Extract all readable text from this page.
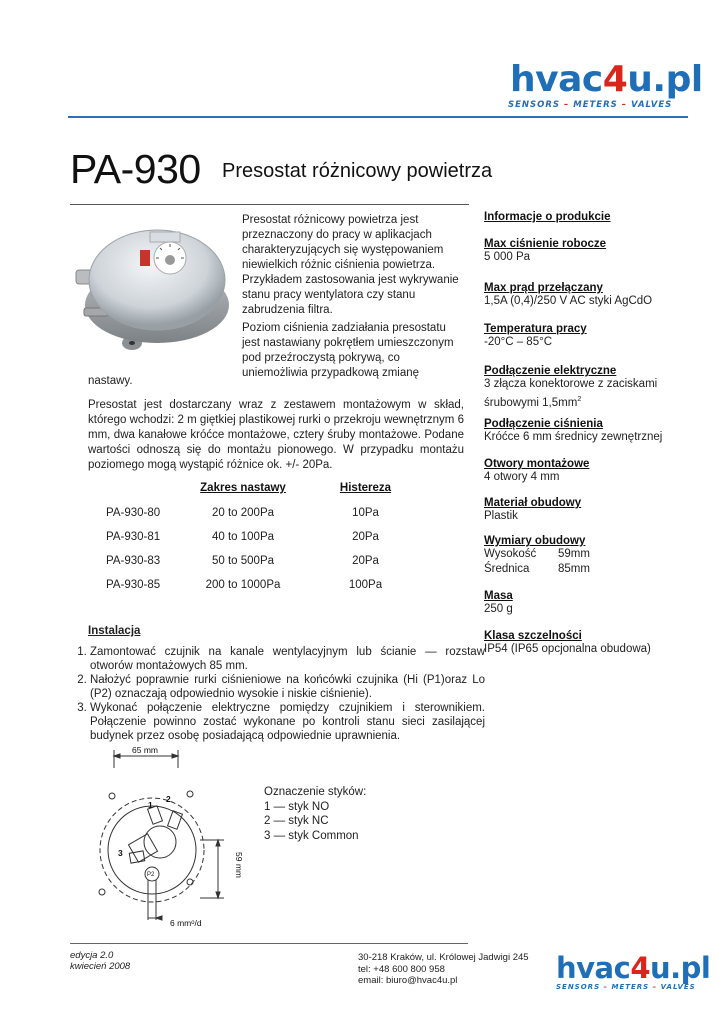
hvac4u.pl
SENSORS – METERS – VALVES
PA-930 Presostat różnicowy powietrza
Presostat różnicowy powietrza jest przeznaczony do pracy w aplikacjach charakteryzujących się występowaniem niewielkich różnic ciśnienia powietrza. Przykładem zastosowania jest wykrywanie stanu pracy wentylatora czy stanu zabrudzenia filtra.
Poziom ciśnienia zadziałania presostatu jest nastawiany pokrętłem umieszczonym pod przeźroczystą pokrywą, co uniemożliwia przypadkową zmianę
nastawy.
Presostat jest dostarczany wraz z zestawem montażowym w skład, którego wchodzi: 2 m giętkiej plastikowej rurki o przekroju wewnętrznym 6 mm, dwa kanałowe króćce montażowe, cztery śruby montażowe. Podane wartości odnoszą się do montażu pionowego. W przypadku montażu poziomego mogą wystąpić różnice ok. +/- 20Pa.
	Zakres nastawy	Histereza
PA-930-80	20 to 200Pa	10Pa
PA-930-81	40 to 100Pa	20Pa
PA-930-83	50 to 500Pa	20Pa
PA-930-85	200 to 1000Pa	100Pa
Instalacja
1. Zamontować czujnik na kanale wentylacyjnym lub ścianie — rozstaw otworów montażowych 85 mm.
2. Nałożyć poprawnie rurki ciśnieniowe na końcówki czujnika (Hi (P1)oraz Lo (P2) oznaczają odpowiednio wysokie i niskie ciśnienie).
3. Wykonać połączenie elektryczne pomiędzy czujnikiem i sterownikiem. Połączenie powinno zostać wykonane po kontroli stanu sieci zasilającej budynek przez osobę posiadającą odpowiednie uprawnienia.
65 mm
1
2
3
P2
6 mmᵒ/d
59 mm
Oznaczenie styków:
1 — styk NO
2 — styk NC
3 — styk Common
Informacje o produkcie
Max ciśnienie robocze
5 000 Pa
Max prąd przełączany
1,5A (0,4)/250 V AC styki AgCdO
Temperatura pracy
-20°C – 85°C
Podłączenie elektryczne
3 złącza konektorowe z zaciskami śrubowymi $1,5mm^2$
Podłączenie ciśnienia
Króćce 6 mm średnicy zewnętrznej
Otwory montażowe
4 otwory 4 mm
Materiał obudowy
Plastik
Wymiary obudowy
Wysokość 59mm
Średnica 85mm
Masa
250 g
Klasa szczelności
IP54 (IP65 opcjonalna obudowa)
edycja 2.0
kwiecień 2008
30-218 Kraków, ul. Królowej Jadwigi 245
tel: +48 600 800 958
email: biuro@hvac4u.pl	hvac4u.pl
SENSORS – METERS – VALVES
